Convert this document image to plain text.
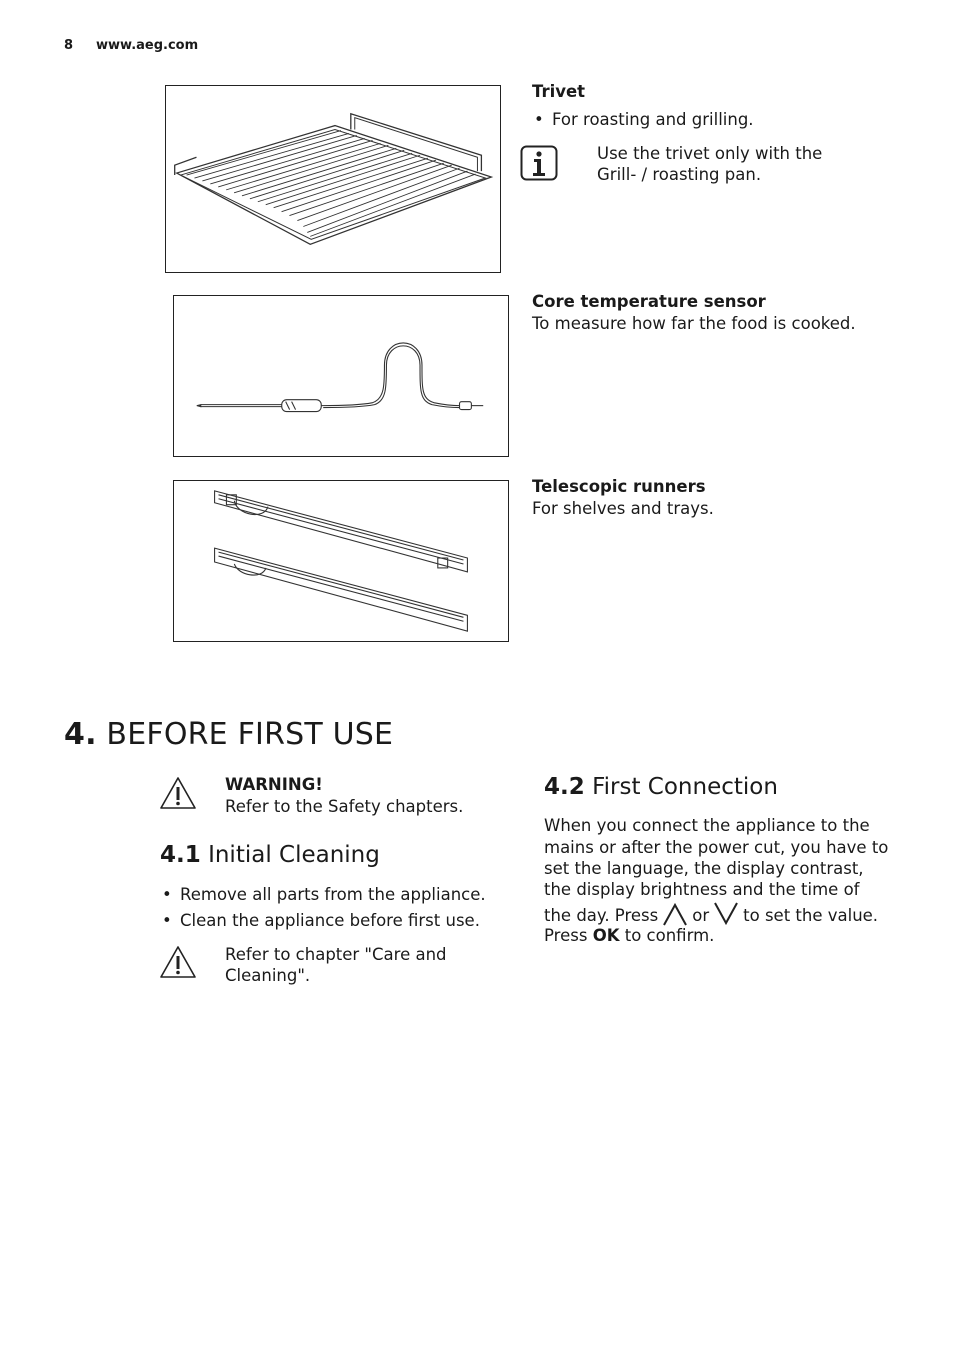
8 www.aeg.com
Trivet
• For roasting and grilling.
Use the trivet only with the
Grill- / roasting pan.
Core temperature sensor
To measure how far the food is cooked.
Telescopic runners
For shelves and trays.
4. BEFORE FIRST USE
WARNING!
Refer to the Safety chapters.
4.1 Initial Cleaning
• Remove all parts from the appliance.
• Clean the appliance before first use.
Refer to chapter "Care and
Cleaning".
4.2 First Connection
When you connect the appliance to the
mains or after the power cut, you have to
set the language, the display contrast,
the display brightness and the time of
the day. Press or to set the value.
Press OK to confirm.
